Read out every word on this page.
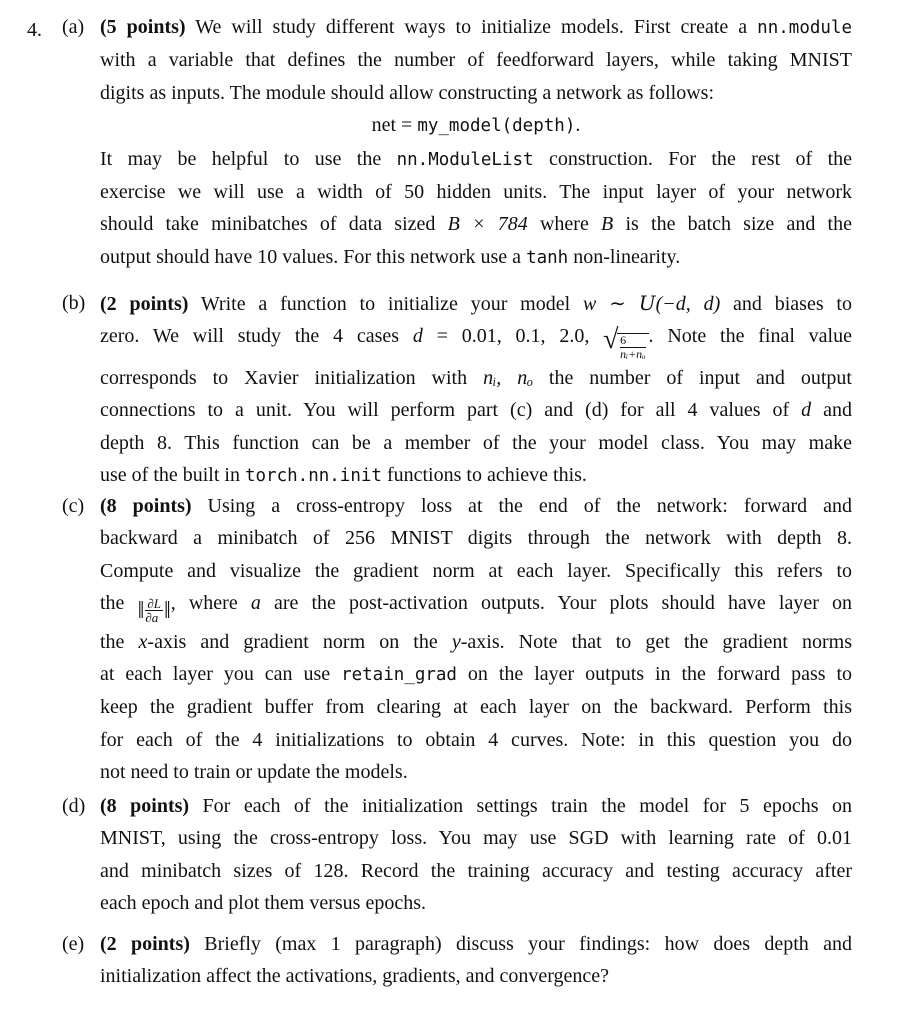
4. (a) (5 points) We will study different ways to initialize models. First create a nn.module
with a variable that defines the number of feedforward layers, while taking MNIST
digits as inputs. The module should allow constructing a network as follows:
net = my_model(depth).
It may be helpful to use the nn.ModuleList construction. For the rest of the
exercise we will use a width of 50 hidden units. The input layer of your network
should take minibatches of data sized B × 784 where B is the batch size and the
output should have 10 values. For this network use a tanh non-linearity.
(b) (2 points) Write a function to initialize your model w ∼ U(−d, d) and biases to
zero. We will study the 4 cases d = 0.01, 0.1, 2.0, √
$\frac{6}{\text{nᵢ+nₒ}}$ . Note the final value
corresponds to Xavier initialization with nᵢ, nₒ the number of input and output
connections to a unit. You will perform part (c) and (d) for all 4 values of d and
depth 8. This function can be a member of the your model class. You may make
use of the built in torch.nn.init functions to achieve this.
(c) (8 points) Using a cross-entropy loss at the end of the network: forward and
backward a minibatch of 256 MNIST digits through the network with depth 8.
Compute and visualize the gradient norm at each layer. Specifically this refers to
the ‖ $\frac{\partial L}{\partial a}$ ‖, where a are the post-activation outputs. Your plots should have layer on
the x-axis and gradient norm on the y-axis. Note that to get the gradient norms
at each layer you can use retain_grad on the layer outputs in the forward pass to
keep the gradient buffer from clearing at each layer on the backward. Perform this
for each of the 4 initializations to obtain 4 curves. Note: in this question you do
not need to train or update the models.
(d) (8 points) For each of the initialization settings train the model for 5 epochs on
MNIST, using the cross-entropy loss. You may use SGD with learning rate of 0.01
and minibatch sizes of 128. Record the training accuracy and testing accuracy after
each epoch and plot them versus epochs.
(e) (2 points) Briefly (max 1 paragraph) discuss your findings: how does depth and
initialization affect the activations, gradients, and convergence?
